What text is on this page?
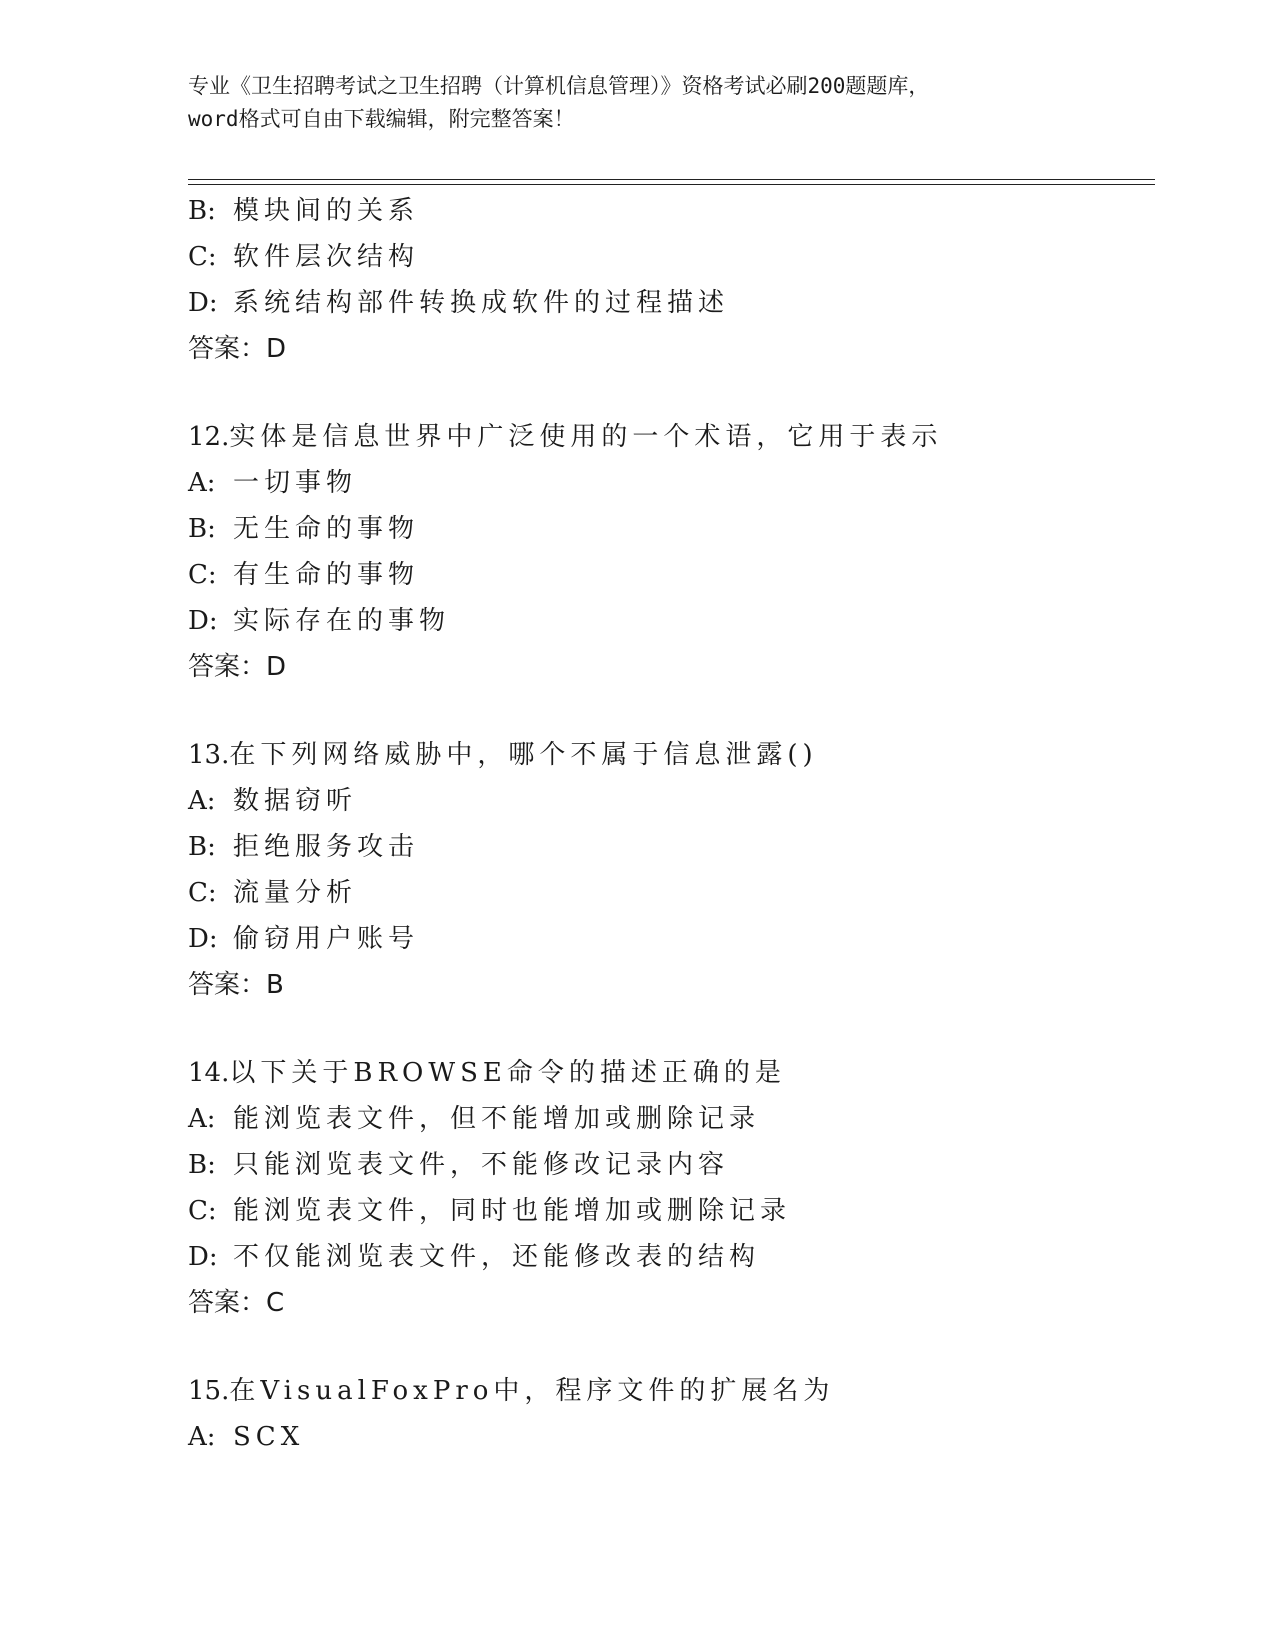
专业《卫生招聘考试之卫生招聘（计算机信息管理）》资格考试必刷200题题库，
word格式可自由下载编辑，附完整答案！
B: 模块间的关系
C: 软件层次结构
D: 系统结构部件转换成软件的过程描述
答案：D
12.实体是信息世界中广泛使用的一个术语，它用于表示
A: 一切事物
B: 无生命的事物
C: 有生命的事物
D: 实际存在的事物
答案：D
13.在下列网络威胁中，哪个不属于信息泄露()
A: 数据窃听
B: 拒绝服务攻击
C: 流量分析
D: 偷窃用户账号
答案：B
14.以下关于BROWSE命令的描述正确的是
A: 能浏览表文件，但不能增加或删除记录
B: 只能浏览表文件，不能修改记录内容
C: 能浏览表文件，同时也能增加或删除记录
D: 不仅能浏览表文件，还能修改表的结构
答案：C
15.在VisualFoxPro中，程序文件的扩展名为
A: SCX
